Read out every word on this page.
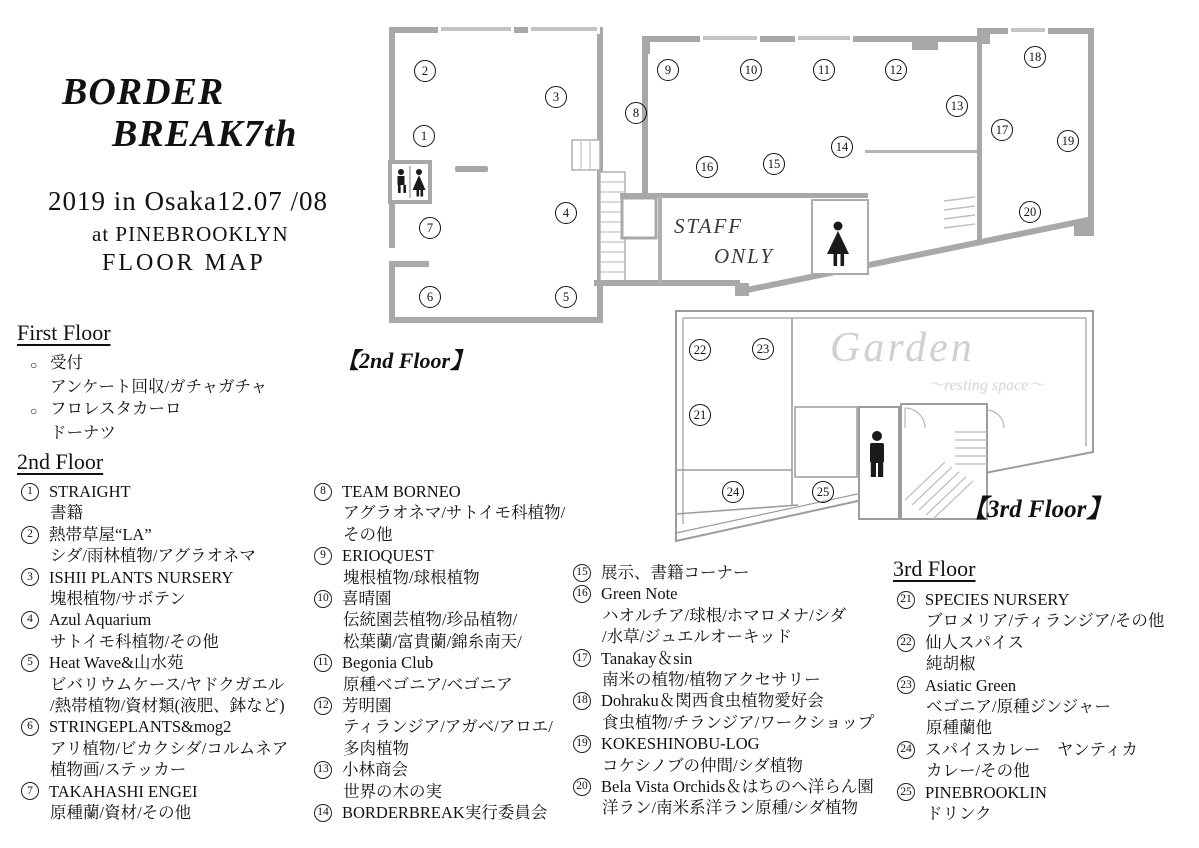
BORDER
BREAK7th
2019 in Osaka12.07 /08
at PINEBROOKLYN
FLOOR MAP
【2nd Floor】
【3rd Floor】
STAFF
ONLY
Garden
～resting space～
2
3
1
7
6	5
4
8
9	10	11	12
13
14
15
16
17
18
19
20
22	23
21
24	25
First Floor
○ 受付
アンケート回収/ガチャガチャ
○ フロレスタカーロ
ドーナツ
2nd Floor
1 STRAIGHT
書籍
2 熱帯草屋“LA”
シダ/雨林植物/アグラオネマ
3 ISHII PLANTS NURSERY
塊根植物/サボテン
4 Azul Aquarium
サトイモ科植物/その他
5 Heat Wave&山水苑
ビバリウムケース/ヤドクガエル
/熱帯植物/資材類(液肥、鉢など)
6 STRINGEPLANTS&mog2
アリ植物/ビカクシダ/コルムネア
植物画/ステッカー
7 TAKAHASHI ENGEI
原種蘭/資材/その他
8 TEAM BORNEO
アグラオネマ/サトイモ科植物/
その他
9 ERIOQUEST
塊根植物/球根植物
10 喜晴園
伝統園芸植物/珍品植物/
松葉蘭/富貴蘭/錦糸南天/
11 Begonia Club
原種ベゴニア/ベゴニア
12 芳明園
ティランジア/アガベ/アロエ/
多肉植物
13 小林商会
世界の木の実
14 BORDERBREAK実行委員会
15 展示、書籍コーナー
16 Green Note
ハオルチア/球根/ホマロメナ/シダ
/水草/ジュエルオーキッド
17 Tanakay＆sin
南米の植物/植物アクセサリー
18 Dohraku＆関西食虫植物愛好会
食虫植物/チランジア/ワークショップ
19 KOKESHINOBU-LOG
コケシノブの仲間/シダ植物
20 Bela Vista Orchids＆はちのへ洋らん園
洋ラン/南米系洋ラン原種/シダ植物
3rd Floor
21 SPECIES NURSERY
ブロメリア/ティランジア/その他
22 仙人スパイス
純胡椒
23 Asiatic Green
ベゴニア/原種ジンジャー
原種蘭他
24 スパイスカレー　ヤンティカ
カレー/その他
25 PINEBROOKLIN
ドリンク
